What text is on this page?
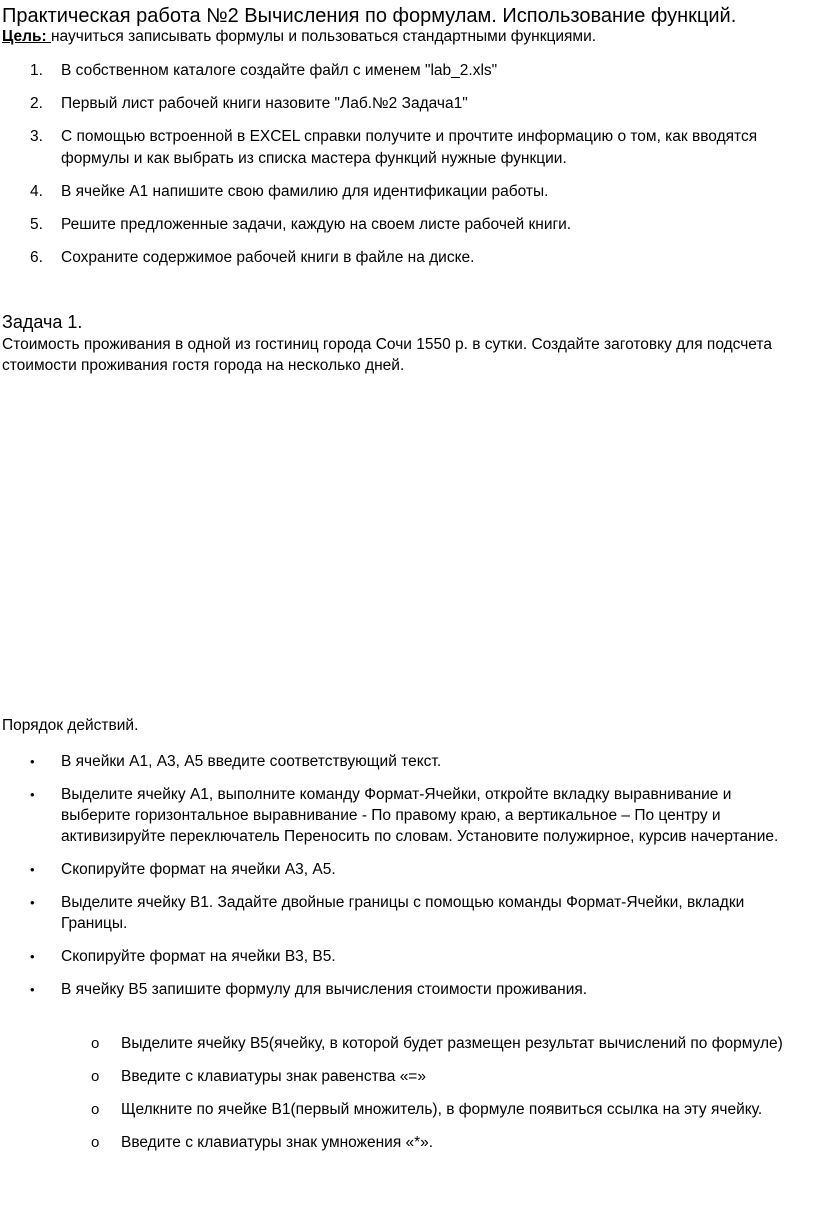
Практическая работа №2 Вычисления по формулам. Использование функций.
Цель: научиться записывать формулы и пользоваться стандартными функциями.
1. В собственном каталоге создайте файл с именем "lab_2.xls"
2. Первый лист рабочей книги назовите "Лаб.№2 Задача1"
3. С помощью встроенной в EXCEL справки получите и прочтите информацию о том, как вводятся формулы и как выбрать из списка мастера функций нужные функции.
4. В ячейке А1 напишите свою фамилию для идентификации работы.
5. Решите предложенные задачи, каждую на своем листе рабочей книги.
6. Сохраните содержимое рабочей книги в файле на диске.
Задача 1.
Стоимость проживания в одной из гостиниц города Сочи 1550 р. в сутки. Создайте заготовку для подсчета стоимости проживания гостя города на несколько дней.
Порядок действий.
• В ячейки А1, А3, А5 введите соответствующий текст.
• Выделите ячейку А1, выполните команду Формат-Ячейки, откройте вкладку выравнивание и выберите горизонтальное выравнивание - По правому краю, а вертикальное – По центру и активизируйте переключатель Переносить по словам. Установите полужирное, курсив начертание.
• Скопируйте формат на ячейки А3, А5.
• Выделите ячейку В1. Задайте двойные границы с помощью команды Формат-Ячейки, вкладки Границы.
• Скопируйте формат на ячейки В3, В5.
• В ячейку В5 запишите формулу для вычисления стоимости проживания.
o Выделите ячейку В5(ячейку, в которой будет размещен результат вычислений по формуле)
o Введите с клавиатуры знак равенства «=»
o Щелкните по ячейке В1(первый множитель), в формуле появиться ссылка на эту ячейку.
o Введите с клавиатуры знак умножения «*».
